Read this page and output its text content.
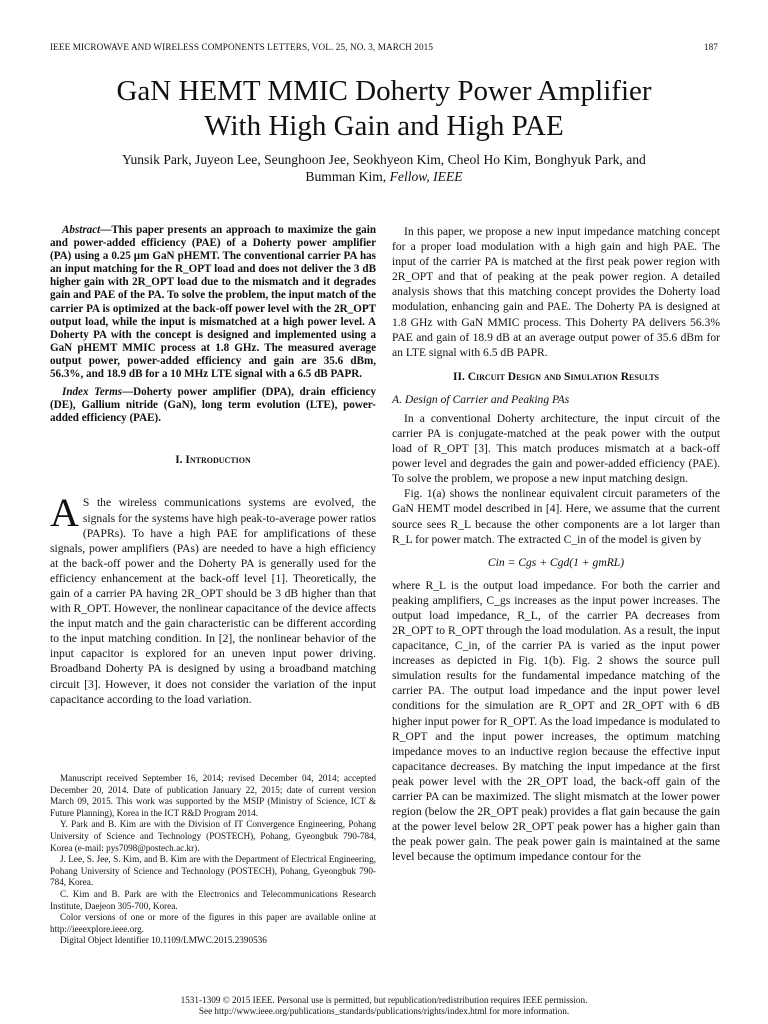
IEEE MICROWAVE AND WIRELESS COMPONENTS LETTERS, VOL. 25, NO. 3, MARCH 2015	187
GaN HEMT MMIC Doherty Power Amplifier
With High Gain and High PAE
Yunsik Park, Juyeon Lee, Seunghoon Jee, Seokhyeon Kim, Cheol Ho Kim, Bonghyuk Park, and
Bumman Kim, Fellow, IEEE

Abstract—This paper presents an approach to maximize the gain and power-added efficiency (PAE) of a Doherty power amplifier (PA) using a 0.25 μm GaN pHEMT. The conventional carrier PA has an input matching for the R_OPT load and does not deliver the 3 dB higher gain with 2R_OPT load due to the mismatch and it degrades gain and PAE of the PA. To solve the problem, the input match of the carrier PA is optimized at the back-off power level with the 2R_OPT output load, while the input is mismatched at a high power level. A Doherty PA with the concept is designed and implemented using a GaN pHEMT MMIC process at 1.8 GHz. The measured average output power, power-added efficiency and gain are 35.6 dBm, 56.3%, and 18.9 dB for a 10 MHz LTE signal with a 6.5 dB PAPR.

Index Terms—Doherty power amplifier (DPA), drain efficiency (DE), Gallium nitride (GaN), long term evolution (LTE), power-added efficiency (PAE).

I. Introduction
A S the wireless communications systems are evolved, the signals for the systems have high peak-to-average power ratios (PAPRs). To have a high PAE for amplifications of these signals, power amplifiers (PAs) are needed to have a high efficiency at the back-off power and the Doherty PA is generally used for the efficiency enhancement at the back-off level [1]. Theoretically, the gain of a carrier PA having 2R_OPT should be 3 dB higher than that with R_OPT. However, the nonlinear capacitance of the device affects the input match and the gain characteristic can be different according to the input matching condition. In [2], the nonlinear behavior of the input capacitor is explored for an uneven input power driving. Broadband Doherty PA is designed by using a broadband matching circuit [3]. However, it does not consider the variation of the input capacitance according to the load variation.

Manuscript received September 16, 2014; revised December 04, 2014; accepted December 20, 2014. Date of publication January 22, 2015; date of current version March 09, 2015. This work was supported by the MSIP (Ministry of Science, ICT & Future Planning), Korea in the ICT R&D Program 2014.

Y. Park and B. Kim are with the Division of IT Convergence Engineering, Pohang University of Science and Technology (POSTECH), Pohang, Gyeongbuk 790-784, Korea (e-mail: pys7098@postech.ac.kr).

J. Lee, S. Jee, S. Kim, and B. Kim are with the Department of Electrical Engineering, Pohang University of Science and Technology (POSTECH), Pohang, Gyeongbuk 790-784, Korea.

C. Kim and B. Park are with the Electronics and Telecommunications Research Institute, Daejeon 305-700, Korea.

Color versions of one or more of the figures in this paper are available online at http://ieeexplore.ieee.org.

Digital Object Identifier 10.1109/LMWC.2015.2390536

In this paper, we propose a new input impedance matching concept for a proper load modulation with a high gain and high PAE. The input of the carrier PA is matched at the first peak power region with 2R_OPT and that of peaking at the peak power region. A detailed analysis shows that this matching concept provides the Doherty load modulation, enhancing gain and PAE. The Doherty PA is designed at 1.8 GHz with GaN MMIC process. This Doherty PA delivers 56.3% PAE and gain of 18.9 dB at an average output power of 35.6 dBm for an LTE signal with 6.5 dB PAPR.

II. Circuit Design and Simulation Results
A. Design of Carrier and Peaking PAs

In a conventional Doherty architecture, the input circuit of the carrier PA is conjugate-matched at the peak power with the output load of R_OPT [3]. This match produces mismatch at a back-off power level and degrades the gain and power-added efficiency (PAE). To solve the problem, we propose a new input matching design.

Fig. 1(a) shows the nonlinear equivalent circuit parameters of the GaN HEMT model described in [4]. Here, we assume that the current source sees R_L because the other components are a lot larger than R_L for power match. The extracted C_in of the model is given by

Cin = Cgs + Cgd(1 + gmRL)

where R_L is the output load impedance. For both the carrier and peaking amplifiers, C_gs increases as the input power increases. The output load impedance, R_L, of the carrier PA decreases from 2R_OPT to R_OPT through the load modulation. As a result, the input capacitance, C_in, of the carrier PA is varied as the input power increases as depicted in Fig. 1(b). Fig. 2 shows the source pull simulation results for the fundamental impedance matching of the carrier PA. The output load impedance and the input power level conditions for the simulation are R_OPT and 2R_OPT with 6 dB higher input power for R_OPT. As the load impedance is modulated to R_OPT and the input power increases, the optimum matching impedance moves to an inductive region because the effective input capacitance decreases. By matching the input impedance at the first peak power level with the 2R_OPT load, the back-off gain of the carrier PA can be maximized. The slight mismatch at the lower power region (below the 2R_OPT peak) provides a flat gain because the gain at the power level below 2R_OPT peak power has a higher gain than the peak power gain. The peak power gain is maintained at the same level because the optimum impedance contour for the

1531-1309 © 2015 IEEE. Personal use is permitted, but republication/redistribution requires IEEE permission.
See http://www.ieee.org/publications_standards/publications/rights/index.html for more information.
